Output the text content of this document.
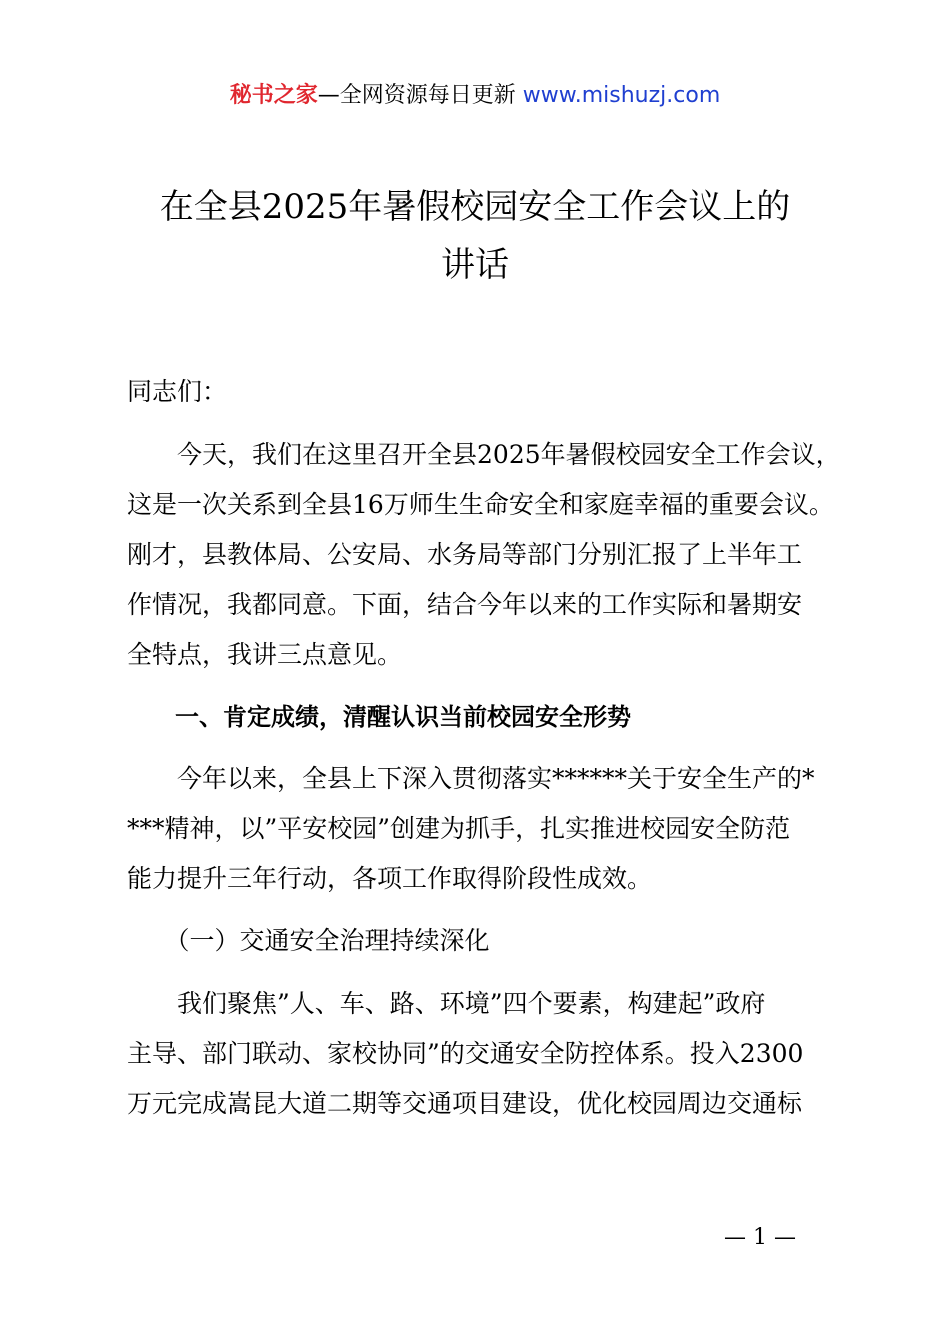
秘书之家—全网资源每日更新 www.mishuzj.com
在全县2025年暑假校园安全工作会议上的
讲话
同志们：
　　今天，我们在这里召开全县2025年暑假校园安全工作会议，
这是一次关系到全县16万师生生命安全和家庭幸福的重要会议。
刚才，县教体局、公安局、水务局等部门分别汇报了上半年工
作情况，我都同意。下面，结合今年以来的工作实际和暑期安
全特点，我讲三点意见。
　　一、肯定成绩，清醒认识当前校园安全形势
　　今年以来，全县上下深入贯彻落实******关于安全生产的*
***精神，以”平安校园”创建为抓手，扎实推进校园安全防范
能力提升三年行动，各项工作取得阶段性成效。
　　（一）交通安全治理持续深化
　　我们聚焦”人、车、路、环境”四个要素，构建起”政府
主导、部门联动、家校协同”的交通安全防控体系。投入2300
万元完成嵩昆大道二期等交通项目建设，优化校园周边交通标
— 1 —
